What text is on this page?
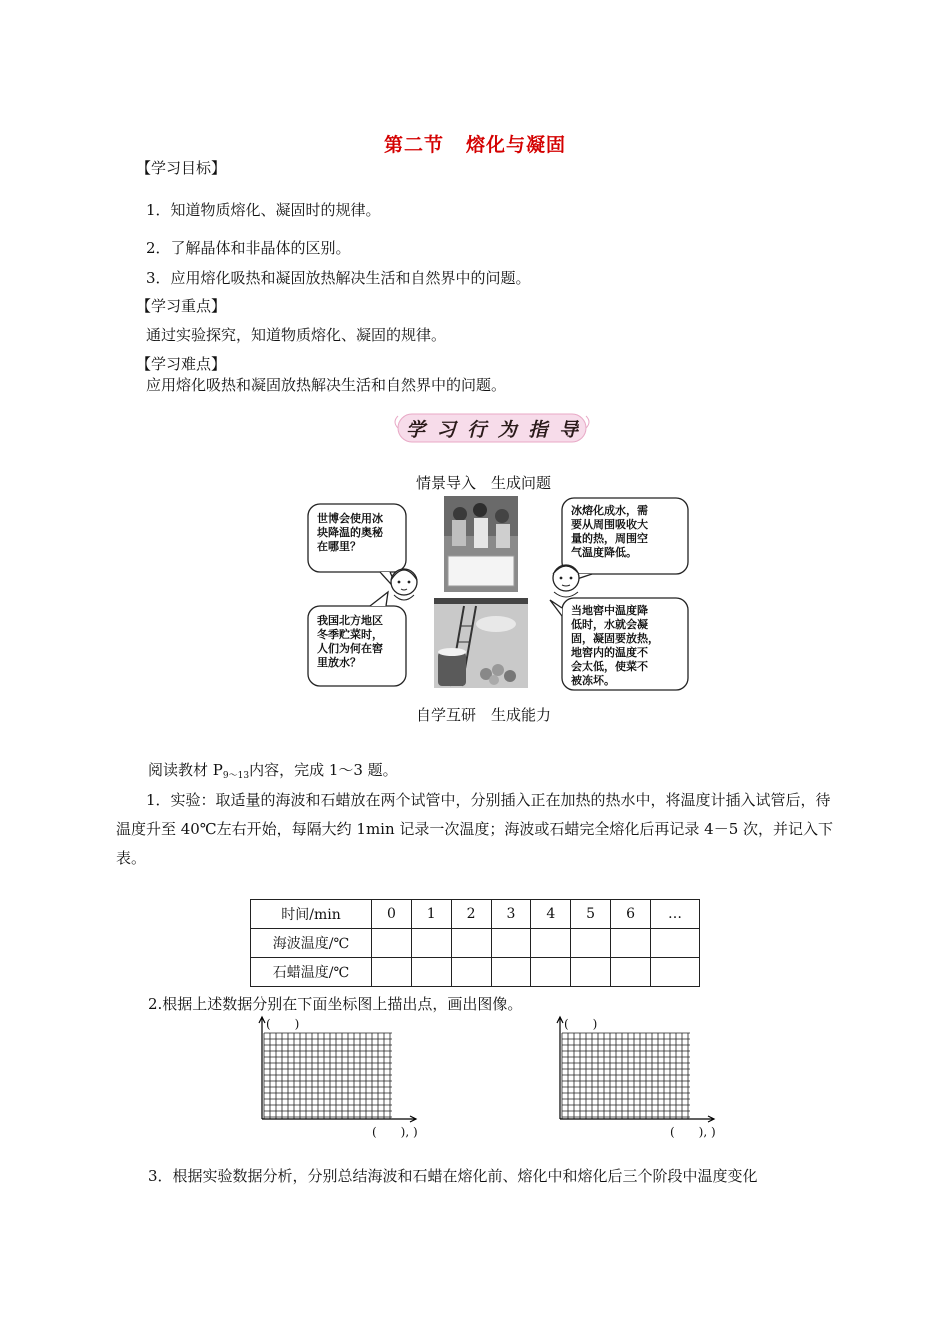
第二节 熔化与凝固
【学习目标】
1．知道物质熔化、凝固时的规律。
2．了解晶体和非晶体的区别。
3．应用熔化吸热和凝固放热解决生活和自然界中的问题。
【学习重点】
通过实验探究，知道物质熔化、凝固的规律。
【学习难点】
应用熔化吸热和凝固放热解决生活和自然界中的问题。
学 习 行 为 指 导
情景导入　生成问题
世博会使用冰
块降温的奥秘
在哪里？
我国北方地区
冬季贮菜时，
人们为何在窖
里放水？
冰熔化成水，需
要从周围吸收大
量的热，周围空
气温度降低。
当地窖中温度降
低时，水就会凝
固，凝固要放热，
地窖内的温度不
会太低，使菜不
被冻坏。
自学互研　生成能力
阅读教材 $P_{9\sim 13}$内容，完成 1～3 题。
1．实验：取适量的海波和石蜡放在两个试管中，分别插入正在加热的热水中，将温度计插入试管后，待温度升至 40℃左右开始，每隔大约 1min 记录一次温度；海波或石蜡完全熔化后再记录 4－5 次，并记入下表。
时间/min	0	1	2	3	4	5	6	…
海波温度/℃								
石蜡温度/℃								
2.根据上述数据分别在下面坐标图上描出点，画出图像。
(　　)
(　　), )
(　　)
(　　), )
3．根据实验数据分析，分别总结海波和石蜡在熔化前、熔化中和熔化后三个阶段中温度变化
